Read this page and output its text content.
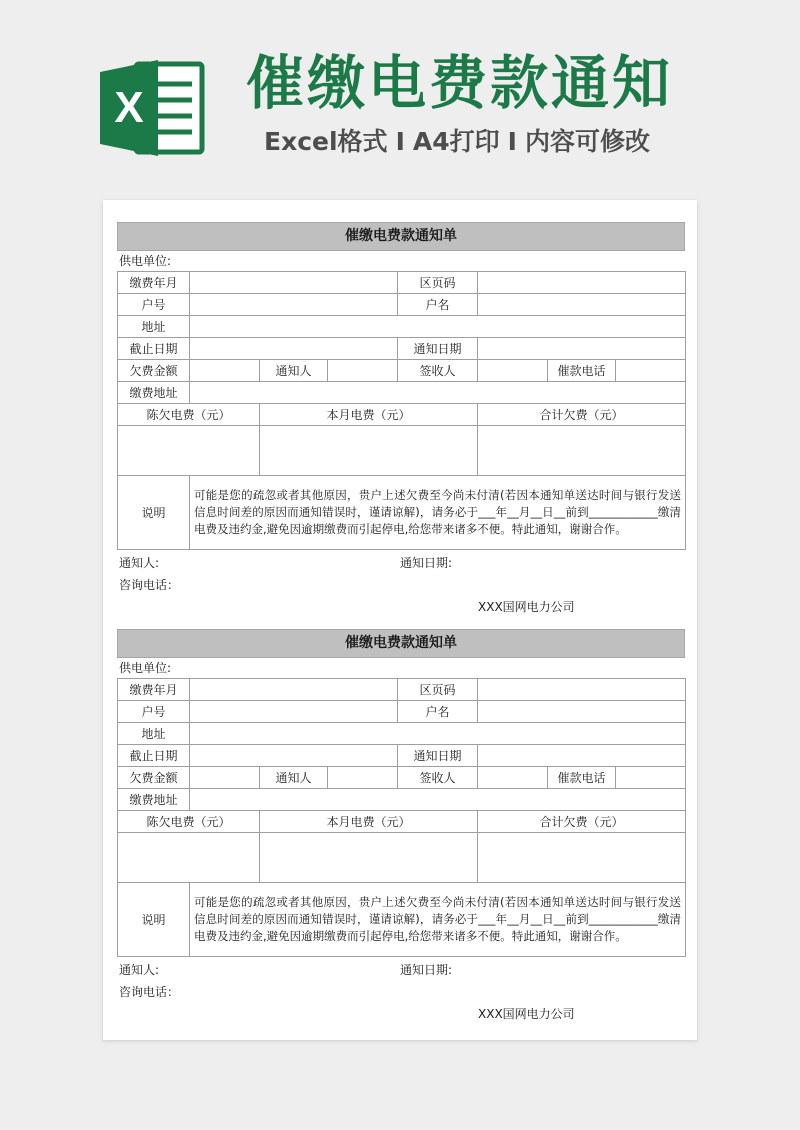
X 催缴电费款通知
Excel格式 I A4打印 I 内容可修改
催缴电费款通知单
供电单位:
缴费年月				区页码			
户号				户名			
地址							
截止日期				通知日期			
欠费金额		通知人		签收人		催款电话	
缴费地址							
陈欠电费（元）		本月电费（元）			合计欠费（元）		

说明	可能是您的疏忽或者其他原因，贵户上述欠费至今尚未付清(若因本通知单送达时间与银行发送信息时间差的原因而通知错误时，谨请谅解)，请务必于___年__月__日__前到____________缴清电费及违约金,避免因逾期缴费而引起停电,给您带来诸多不便。特此通知，谢谢合作。						
通知人:	通知日期:
咨询电话：
XXX国网电力公司
催缴电费款通知单
供电单位:
缴费年月				区页码			
户号				户名			
地址							
截止日期				通知日期			
欠费金额		通知人		签收人		催款电话	
缴费地址							
陈欠电费（元）		本月电费（元）			合计欠费（元）		

说明	可能是您的疏忽或者其他原因，贵户上述欠费至今尚未付清(若因本通知单送达时间与银行发送信息时间差的原因而通知错误时，谨请谅解)，请务必于___年__月__日__前到____________缴清电费及违约金,避免因逾期缴费而引起停电,给您带来诸多不便。特此通知，谢谢合作。						
通知人:	通知日期:
咨询电话：
XXX国网电力公司
